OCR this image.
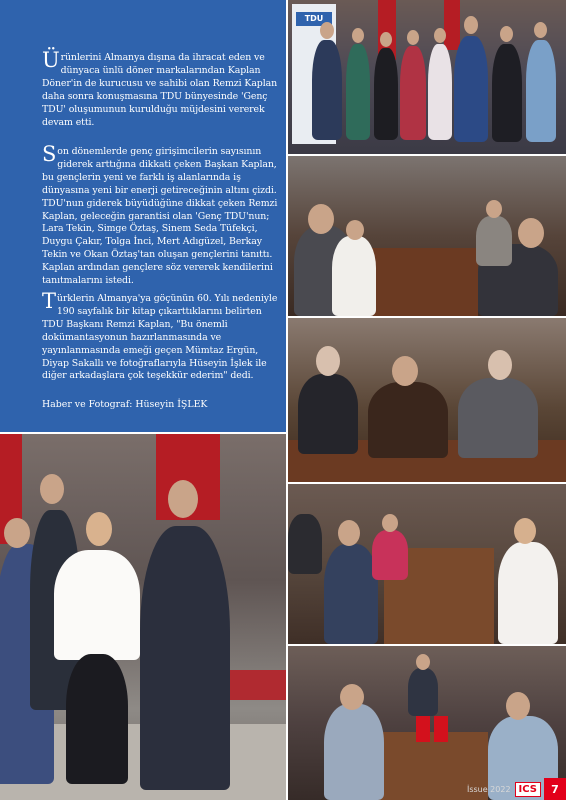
Ürünlerini Almanya dışına da ihracat eden ve dünyaca ünlü döner markalarından Kaplan Döner'in de kurucusu ve sahibi olan Remzi Kaplan daha sonra konuşmasına TDU bünyesinde 'Genç TDU' oluşumunun kurulduğu müjdesini vererek devam etti.
Son dönemlerde genç girişimcilerin sayısının giderek arttığına dikkati çeken Başkan Kaplan, bu gençlerin yeni ve farklı iş alanlarında iş dünyasına yeni bir enerji getireceğinin altını çizdi. TDU'nun giderek büyüdüğüne dikkat çeken Remzi Kaplan, geleceğin garantisi olan 'Genç TDU'nun; Lara Tekin, Simge Öztaş, Sinem Seda Tüfekçi, Duygu Çakır, Tolga İnci, Mert Adıgüzel, Berkay Tekin ve Okan Öztaş'tan oluşan gençlerini tanıttı. Kaplan ardından gençlere söz vererek kendilerini tanıtmalarını istedi.
Türklerin Almanya'ya göçünün 60. Yılı nedeniyle 190 sayfalık bir kitap çıkarttıklarını belirten TDU Başkanı Remzi Kaplan, "Bu önemli dokümantasyonun hazırlanmasında ve yayınlanmasında emeği geçen Mümtaz Ergün, Diyap Sakallı ve fotoğraflarıyla Hüseyin İşlek ile diğer arkadaşlara çok teşekkür ederim" dedi.
Haber ve Fotograf: Hüseyin İŞLEK
TDU
İssue 2022 ICS	7
